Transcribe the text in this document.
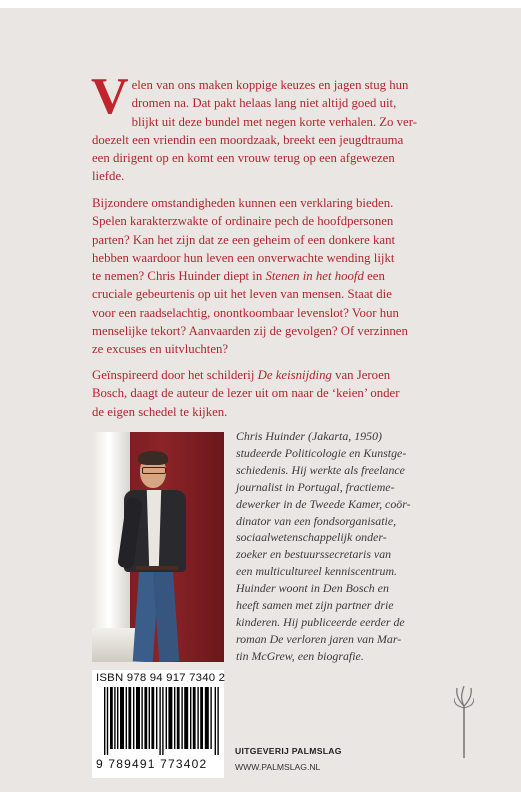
V elen van ons maken koppige keuzes en jagen stug hun
dromen na. Dat pakt helaas lang niet altijd goed uit,
blijkt uit deze bundel met negen korte verhalen. Zo ver-
doezelt een vriendin een moordzaak, breekt een jeugdtrauma
een dirigent op en komt een vrouw terug op een afgewezen
liefde.
Bijzondere omstandigheden kunnen een verklaring bieden.
Spelen karakterzwakte of ordinaire pech de hoofdpersonen
parten? Kan het zijn dat ze een geheim of een donkere kant
hebben waardoor hun leven een onverwachte wending lijkt
te nemen? Chris Huinder diept in Stenen in het hoofd een
cruciale gebeurtenis op uit het leven van mensen. Staat die
voor een raadselachtig, onontkoombaar levenslot? Voor hun
menselijke tekort? Aanvaarden zij de gevolgen? Of verzinnen
ze excuses en uitvluchten?
Geïnspireerd door het schilderij De keisnijding van Jeroen
Bosch, daagt de auteur de lezer uit om naar de ‘keien’ onder
de eigen schedel te kijken.
Chris Huinder (Jakarta, 1950)
studeerde Politicologie en Kunstge-
schiedenis. Hij werkte als freelance
journalist in Portugal, fractieme-
dewerker in de Tweede Kamer, coör-
dinator van een fondsorganisatie,
sociaalwetenschappelijk onder-
zoeker en bestuurssecretaris van
een multicultureel kenniscentrum.
Huinder woont in Den Bosch en
heeft samen met zijn partner drie
kinderen. Hij publiceerde eerder de
roman De verloren jaren van Mar-
tin McGrew, een biografie.
ISBN 978 94 917 7340 2
9 789491 773402
UITGEVERIJ PALMSLAG
WWW.PALMSLAG.NL
